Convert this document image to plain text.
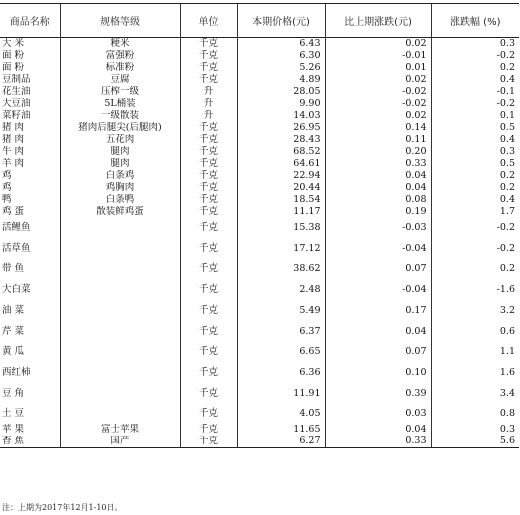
商品名称	规格等级	单位	本期价格(元)	比上期涨跌(元)	涨跌幅 (%)
大 米	粳米	千克	6.43	0.02	0.3
面 粉	富强粉	千克	6.30	-0.01	-0.2
面 粉	标准粉	千克	5.26	0.01	0.2
豆制品	豆腐	千克	4.89	0.02	0.4
花生油	压榨一级	升	28.05	-0.02	-0.1
大豆油	5L桶装	升	9.90	-0.02	-0.2
菜籽油	一级散装	升	14.03	0.02	0.1
猪 肉	猪肉后腿尖(后腿肉)	千克	26.95	0.14	0.5
猪 肉	五花肉	千克	28.43	0.11	0.4
牛 肉	腿肉	千克	68.52	0.20	0.3
羊 肉	腿肉	千克	64.61	0.33	0.5
鸡	白条鸡	千克	22.94	0.04	0.2
鸡	鸡胸肉	千克	20.44	0.04	0.2
鸭	白条鸭	千克	18.54	0.08	0.4
鸡 蛋	散装鲜鸡蛋	千克	11.17	0.19	1.7
活鲤鱼		千克	15.38	-0.03	-0.2
活草鱼		千克	17.12	-0.04	-0.2
带 鱼		千克	38.62	0.07	0.2
大白菜		千克	2.48	-0.04	-1.6
油 菜		千克	5.49	0.17	3.2
芹 菜		千克	6.37	0.04	0.6
黄 瓜		千克	6.65	0.07	1.1
西红柿		千克	6.36	0.10	1.6
豆 角		千克	11.91	0.39	3.4
土 豆		千克	4.05	0.03	0.8
苹 果	富士苹果	千克	11.65	0.04	0.3
香 蕉	国产	千克	6.27	0.33	5.6
注：上期为2017年12月1-10日。
